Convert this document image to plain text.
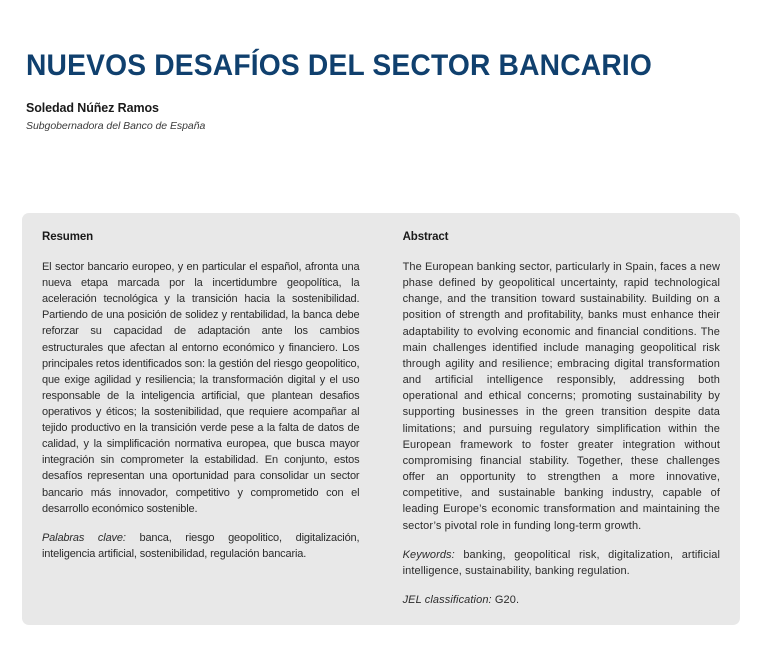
NUEVOS DESAFÍOS DEL SECTOR BANCARIO
Soledad Núñez Ramos
Subgobernadora del Banco de España
Resumen

El sector bancario europeo, y en particular el español, afronta una nueva etapa marcada por la incertidumbre geopolítica, la aceleración tecnológica y la transición hacia la sostenibilidad. Partiendo de una posición de solidez y rentabilidad, la banca debe reforzar su capacidad de adaptación ante los cambios estructurales que afectan al entorno económico y financiero. Los principales retos identificados son: la gestión del riesgo geopolitico, que exige agilidad y resiliencia; la transformación digital y el uso responsable de la inteligencia artificial, que plantean desafios operativos y éticos; la sostenibilidad, que requiere acompañar al tejido productivo en la transición verde pese a la falta de datos de calidad, y la simplificación normativa europea, que busca mayor integración sin comprometer la estabilidad. En conjunto, estos desafíos representan una oportunidad para consolidar un sector bancario más innovador, competitivo y comprometido con el desarrollo económico sostenible.

Palabras clave: banca, riesgo geopolitico, digitalización, inteligencia artificial, sostenibilidad, regulación bancaria.

Abstract

The European banking sector, particularly in Spain, faces a new phase defined by geopolitical uncertainty, rapid technological change, and the transition toward sustainability. Building on a position of strength and profitability, banks must enhance their adaptability to evolving economic and financial conditions. The main challenges identified include managing geopolitical risk through agility and resilience; embracing digital transformation and artificial intelligence responsibly, addressing both operational and ethical concerns; promoting sustainability by supporting businesses in the green transition despite data limitations; and pursuing regulatory simplification within the European framework to foster greater integration without compromising financial stability. Together, these challenges offer an opportunity to strengthen a more innovative, competitive, and sustainable banking industry, capable of leading Europe’s economic transformation and maintaining the sector’s pivotal role in funding long-term growth.

Keywords: banking, geopolitical risk, digitalization, artificial intelligence, sustainability, banking regulation.

JEL classification: G20.
